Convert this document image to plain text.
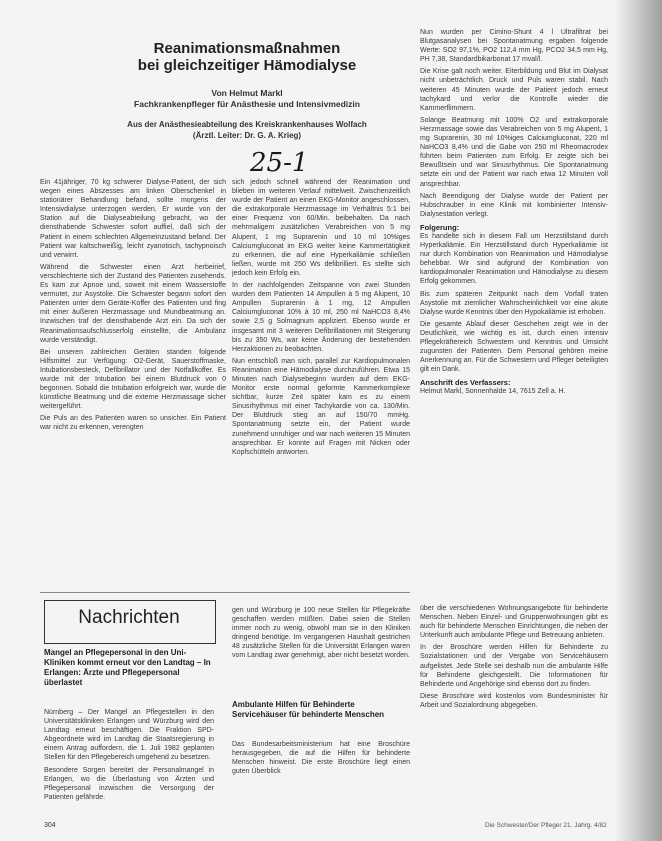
Reanimationsmaßnahmen
bei gleichzeitiger Hämodialyse
Von Helmut Markl
Fachkrankenpfleger für Anästhesie und Intensivmedizin
Aus der Anästhesieabteilung des Kreiskrankenhauses Wolfach
(Ärztl. Leiter: Dr. G. A. Krieg)
25-1

Ein 41jähriger, 70 kg schwerer Dialyse-Patient, der sich wegen eines Abszesses am linken Oberschenkel in stationärer Behandlung befand, sollte morgens der Intensivdialyse unterzogen werden. Er wurde von der Station auf die Dialyseabteilung gebracht, wo der diensthabende Schwester sofort auffiel, daß sich der Patient in einem schlechten Allgemeinzustand befand. Der Patient war kaltschweißig, leicht zyanotisch, tachypnoisch und verwirrt.

Während die Schwester einen Arzt herbeirief, verschlechterte sich der Zustand des Patienten zusehends. Es kam zur Apnoe und, soweit mit einem Wasserstoffe vermutet, zur Asystolie. Die Schwester begann sofort den Patienten unter dem Geräte-Koffer des Patienten und fing mit einer äußeren Herzmassage und Mundbeatmung an. Inzwischen traf der diensthabende Arzt ein. Da sich der Reanimationsaufschlusserfolg einstellte, die Ambulanz wurde verständigt.

Bei unseren zahlreichen Geräten standen folgende Hilfsmittel zur Verfügung: O2-Gerät, Sauerstoffmaske, Intubationsbesteck, Defibrillator und der Notfallkoffer. Es wurde mit der Intubation bei einem Blutdruck von 0 begonnen. Sobald die Intubation erfolgreich war, wurde die künstliche Beatmung und die externe Herzmassage sicher weitergeführt.

Die Puls an des Patienten waren so unsicher. Ein Patient war nicht zu erkennen, verengten

sich jedoch schnell während der Reanimation und blieben im weiteren Verlauf mittelweit. Zwischenzeitlich wurde der Patient an einen EKG-Monitor angeschlossen, die extrakorporale Herzmassage im Verhältnis 5:1 bei einer Frequenz von 60/Min. beibehalten. Da nach mehrmaligem zusätzlichen Verabreichen von 5 mg Alupent, 1 mg Suprarenin und 10 ml 10%iges Calciumgluconat im EKG weiter keine Kammertätigkeit zu erkennen, die auf eine Hyperkaliämie schließen ließen, wurde mit 250 Ws defibrilliert. Es stellte sich jedoch kein Erfolg ein.

In der nachfolgenden Zeitspanne von zwei Stunden wurden dem Patienten 14 Ampullen à 5 mg Alupent, 10 Ampullen Suprarenin à 1 mg, 12 Ampullen Calciumgluconat 10% à 10 ml, 250 ml NaHCO3 8,4% sowie 2,5 g Solmagnum appliziert. Ebenso wurde er insgesamt mit 3 weiteren Defibrillationen mit Steigerung bis zu 350 Ws, war keine Änderung der bestehenden Herzaktionen zu beobachten.

Nun entschloß man sich, parallel zur Kardiopulmonalen Reanimation eine Hämodialyse durchzuführen. Etwa 15 Minuten nach Dialysebeginn wurden auf dem EKG-Monitor erste normal geformte Kammerkomplexe sichtbar, kurze Zeit später kam es zu einem Sinusrhythmus mit einer Tachykardie von ca. 130/Min. Der Blutdruck stieg an auf 150/70 mmHg. Spontanatmung setzte ein, der Patient wurde zunehmend unruhiger und war nach weiteren 15 Minuten ansprechbar. Er konnte auf Fragen mit Nicken oder Kopfschütteln antworten.

Nun wurden per Cimino-Shunt 4 l Ultrafiltrat bei Blutgasanalysen bei Spontanatmung ergaben folgende Werte: SO2 97,1%, PO2 112,4 mm Hg, PCO2 34,5 mm Hg, PH 7,38, Standardbikarbonat 17 mval/l.

Die Krise galt noch weiter. Eiterbildung und Blut im Dialysat nicht unbeträchtlich. Druck und Puls waren stabil. Nach weiteren 45 Minuten wurde der Patient jedoch erneut tachykard und verlor die Kontrolle wieder die Kammerflimmern.

Solange Beatmung mit 100% O2 und extrakorporale Herzmassage sowie das Verabreichen von 5 mg Alupent, 1 mg Suprarenin, 30 ml 10%iges Calciumgluconat, 220 ml NaHCO3 8,4% und die Gabe von 250 ml Rheomacrodex führten beim Patienten zum Erfolg. Er zeigte sich bei Bewußtsein und war Sinusrhythmus. Die Spontanatmung setzte ein und der Patient war nach etwa 12 Minuten voll ansprechbar.

Nach Beendigung der Dialyse wurde der Patient per Hubschrauber in eine Klinik mit kombinierter Intensiv-Dialysestation verlegt.

Folgerung:

Es handelte sich in diesem Fall um Herzstillstand durch Hyperkaliämie. Ein Herzstillstand durch Hyperkaliämie ist nur durch Kombination von Reanimation und Hämodialyse behebbar. Wir sind aufgrund der Kombination von kardiopulmonaler Reanimation und Hämodialyse zu diesem Erfolg gekommen.

Bis zum späteren Zeitpunkt nach dem Vorfall traten Asystolie mit ziemlicher Wahrscheinlichkeit vor eine akute Dialyse wurde Kenntnis über den Hypokaliämie ist erhoben.

Die gesamte Ablauf dieser Geschehen zeigt wie in der Deutlichkeit, wie wichtig es ist, durch einen intensiv Pflegekräftereich Schwestern und Kenntnis und Umsicht zugunsten der Patienten. Dem Personal gehören meine Anerkennung an. Für die Schwestern und Pfleger beteiligten gilt ein Dank.

Anschrift des Verfassers:

Helmut Markl, Sonnenhalde 14, 7615 Zell a. H.

Nachrichten
Mangel an Pflegepersonal in den Uni-Kliniken kommt erneut vor den Landtag – In Erlangen: Ärzte und Pflegepersonal überlastet

Nürnberg – Der Mangel an Pflegestellen in den Universitätskliniken Erlangen und Würzburg wird den Landtag erneut beschäftigen. Die Fraktion SPD-Abgeordnete wird im Landtag die Staatsregierung in einem Antrag auffordern, die 1. Juli 1982 geplanten Stellen für den Pflegebereich umgehend zu besetzen.

Besondere Sorgen bereitet der Personalmangel in Erlangen, wo die Überlastung von Ärzten und Pflegepersonal inzwischen die Versorgung der Patienten gefährde.

gen und Würzburg je 100 neue Stellen für Pflegekräfte geschaffen werden müßten. Dabei seien die Stellen immer noch zu wenig, obwohl man sie in den Kliniken dringend benötige. Im vergangenen Haushalt gestrichen 48 zusätzliche Stellen für die Universität Erlangen waren vom Landtag zwar genehmigt, aber nicht besetzt worden.

Ambulante Hilfen für Behinderte Servicehäuser für behinderte Menschen

Das Bundesarbeitsministerium hat eine Broschüre herausgegeben, die auf die Hilfen für behinderte Menschen hinweist. Die erste Broschüre liegt einen guten Überblick

über die verschiedenen Wohnungsangebote für behinderte Menschen. Neben Einzel- und Gruppenwohnungen gibt es auch für behinderte Menschen Einrichtungen, die neben der Unterkunft auch ambulante Pflege und Betreuung anbieten.

In der Broschüre werden Hilfen für Behinderte zu Sozialstationen und der Vergabe von Servicehäusern aufgelistet. Jede Stelle sei deshalb nun die ambulante Hilfe für Behinderte gleichgestellt. Die Informationen für Behinderte und Angehörige sind ebenso dort zu finden.

Diese Broschüre wird kostenlos vom Bundesminister für Arbeit und Sozialordnung abgegeben.

304	Die Schwester/Der Pfleger 21. Jahrg. 4/82
